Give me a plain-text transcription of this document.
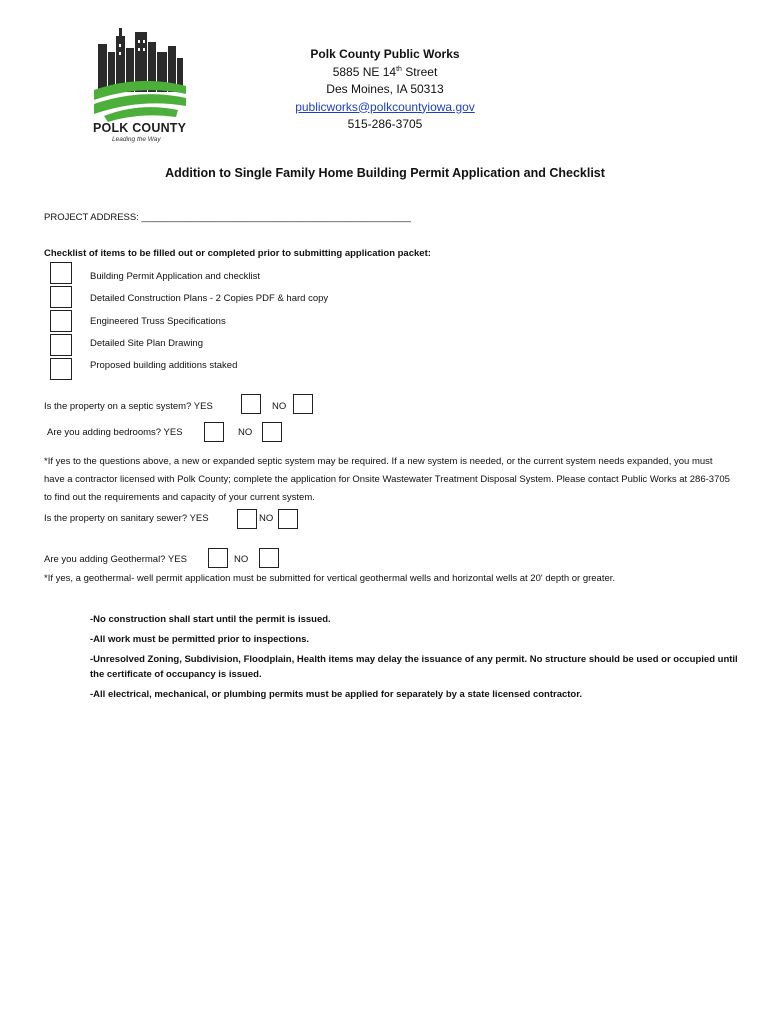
POLK COUNTY
Leading the Way
Polk County Public Works
5885 NE 14th Street
Des Moines, IA 50313
publicworks@polkcountyiowa.gov
515-286-3705
Addition to Single Family Home Building Permit Application and Checklist
PROJECT ADDRESS: ___________________________________________________
Checklist of items to be filled out or completed prior to submitting application packet:
Building Permit Application and checklist
Detailed Construction Plans - 2 Copies PDF & hard copy
Engineered Truss Specifications
Detailed Site Plan Drawing
Proposed building additions staked
Is the property on a septic system? YES	NO
Are you adding bedrooms? YES	NO
*If yes to the questions above, a new or expanded septic system may be required. If a new system is needed, or the current system needs expanded, you must have a contractor licensed with Polk County; complete the application for Onsite Wastewater Treatment Disposal System. Please contact Public Works at 286-3705 to find out the requirements and capacity of your current system.
Is the property on sanitary sewer? YES	NO
Are you adding Geothermal? YES	NO
*If yes, a geothermal- well permit application must be submitted for vertical geothermal wells and horizontal wells at 20' depth or greater.
-No construction shall start until the permit is issued.
-All work must be permitted prior to inspections.
-Unresolved Zoning, Subdivision, Floodplain, Health items may delay the issuance of any permit. No structure should be used or occupied until the certificate of occupancy is issued.
-All electrical, mechanical, or plumbing permits must be applied for separately by a state licensed contractor.
